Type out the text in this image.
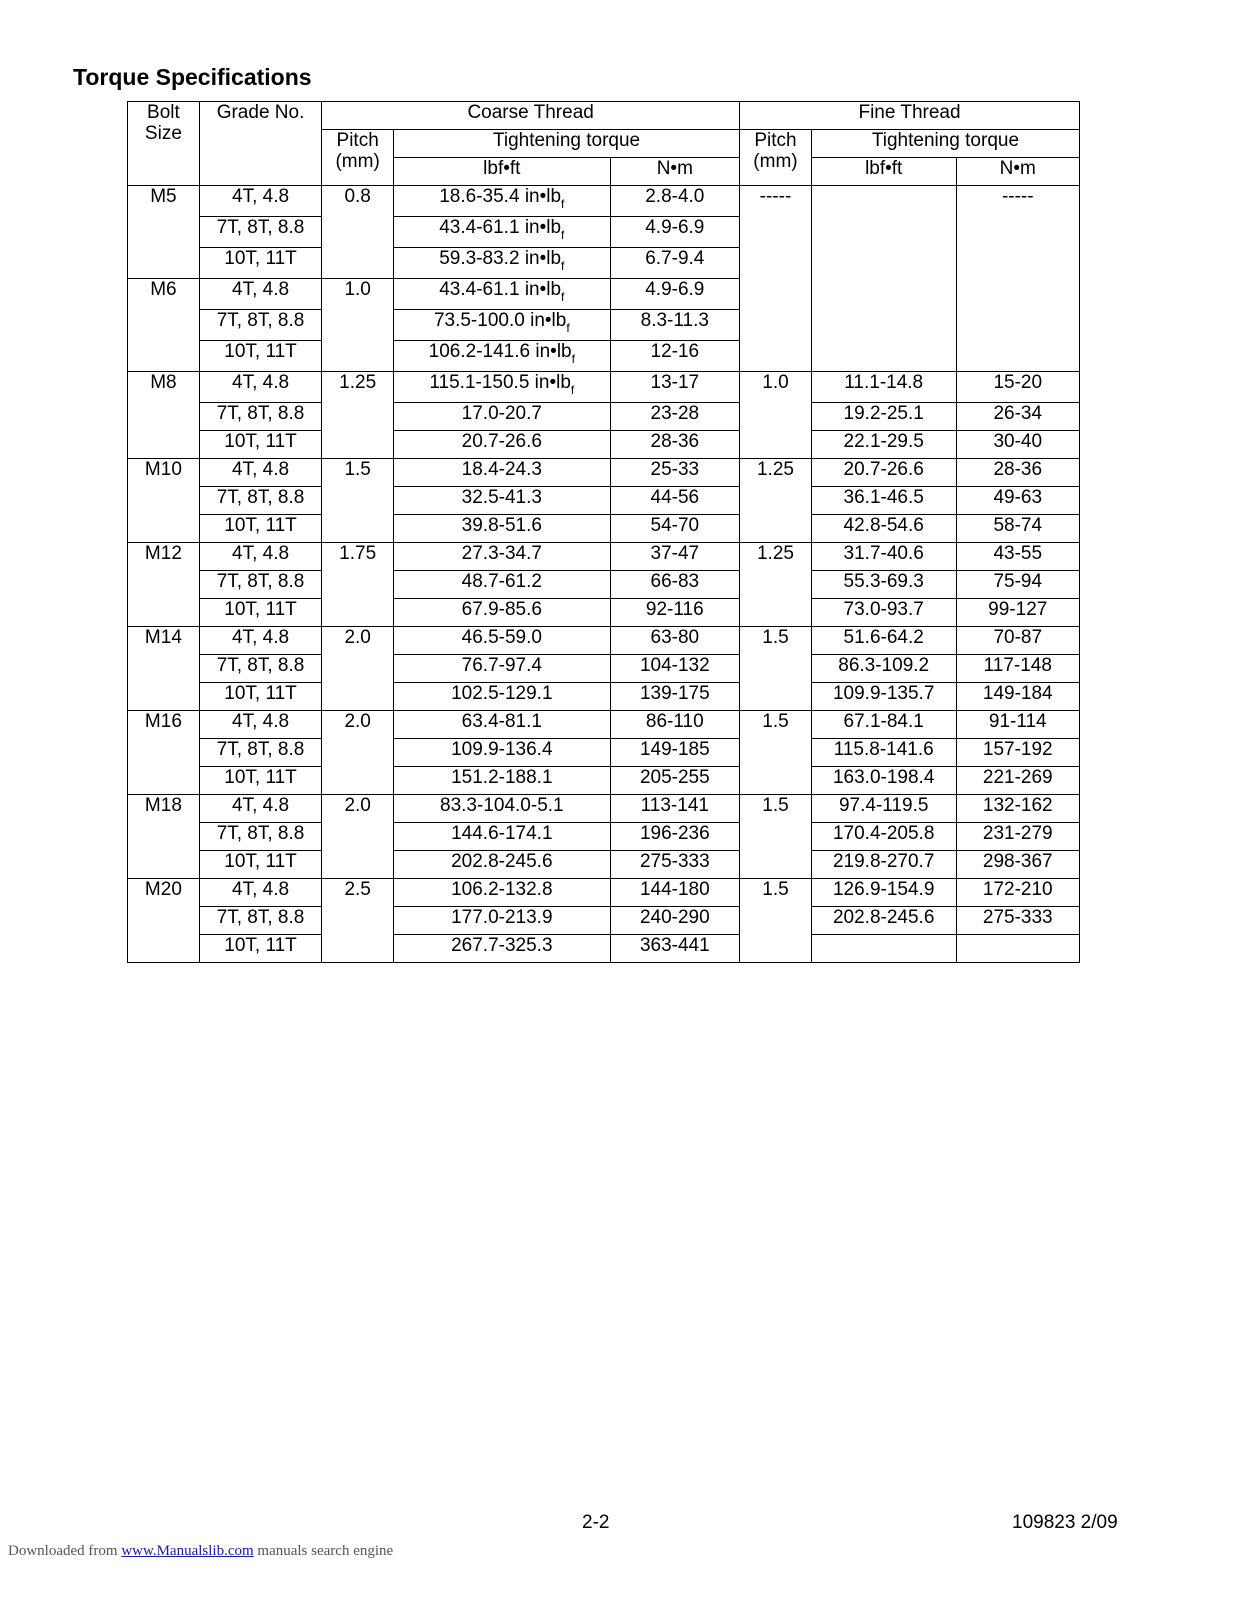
Torque Specifications
Bolt Size	Grade No.	Coarse Thread			Fine Thread		
		Pitch (mm)	Tightening torque		Pitch (mm)	Tightening torque	
			lbf•ft	N•m		lbf•ft	N•m
M5	4T, 4.8	0.8	18.6-35.4 $in•lb_f$	2.8-4.0	-----		-----
	7T, 8T, 8.8		43.4-61.1 $in•lb_f$	4.9-6.9			
	10T, 11T		59.3-83.2 $in•lb_f$	6.7-9.4			
M6	4T, 4.8	1.0	43.4-61.1 $in•lb_f$	4.9-6.9			
	7T, 8T, 8.8		73.5-100.0 $in•lb_f$	8.3-11.3			
	10T, 11T		106.2-141.6 $in•lb_f$	12-16			
M8	4T, 4.8	1.25	115.1-150.5 $in•lb_f$	13-17	1.0	11.1-14.8	15-20
	7T, 8T, 8.8		17.0-20.7	23-28		19.2-25.1	26-34
	10T, 11T		20.7-26.6	28-36		22.1-29.5	30-40
M10	4T, 4.8	1.5	18.4-24.3	25-33	1.25	20.7-26.6	28-36
	7T, 8T, 8.8		32.5-41.3	44-56		36.1-46.5	49-63
	10T, 11T		39.8-51.6	54-70		42.8-54.6	58-74
M12	4T, 4.8	1.75	27.3-34.7	37-47	1.25	31.7-40.6	43-55
	7T, 8T, 8.8		48.7-61.2	66-83		55.3-69.3	75-94
	10T, 11T		67.9-85.6	92-116		73.0-93.7	99-127
M14	4T, 4.8	2.0	46.5-59.0	63-80	1.5	51.6-64.2	70-87
	7T, 8T, 8.8		76.7-97.4	104-132		86.3-109.2	117-148
	10T, 11T		102.5-129.1	139-175		109.9-135.7	149-184
M16	4T, 4.8	2.0	63.4-81.1	86-110	1.5	67.1-84.1	91-114
	7T, 8T, 8.8		109.9-136.4	149-185		115.8-141.6	157-192
	10T, 11T		151.2-188.1	205-255		163.0-198.4	221-269
M18	4T, 4.8	2.0	83.3-104.0-5.1	113-141	1.5	97.4-119.5	132-162
	7T, 8T, 8.8		144.6-174.1	196-236		170.4-205.8	231-279
	10T, 11T		202.8-245.6	275-333		219.8-270.7	298-367
M20	4T, 4.8	2.5	106.2-132.8	144-180	1.5	126.9-154.9	172-210
	7T, 8T, 8.8		177.0-213.9	240-290		202.8-245.6	275-333
	10T, 11T		267.7-325.3	363-441			
2-2	109823 2/09
Downloaded from www.Manualslib.com manuals search engine
